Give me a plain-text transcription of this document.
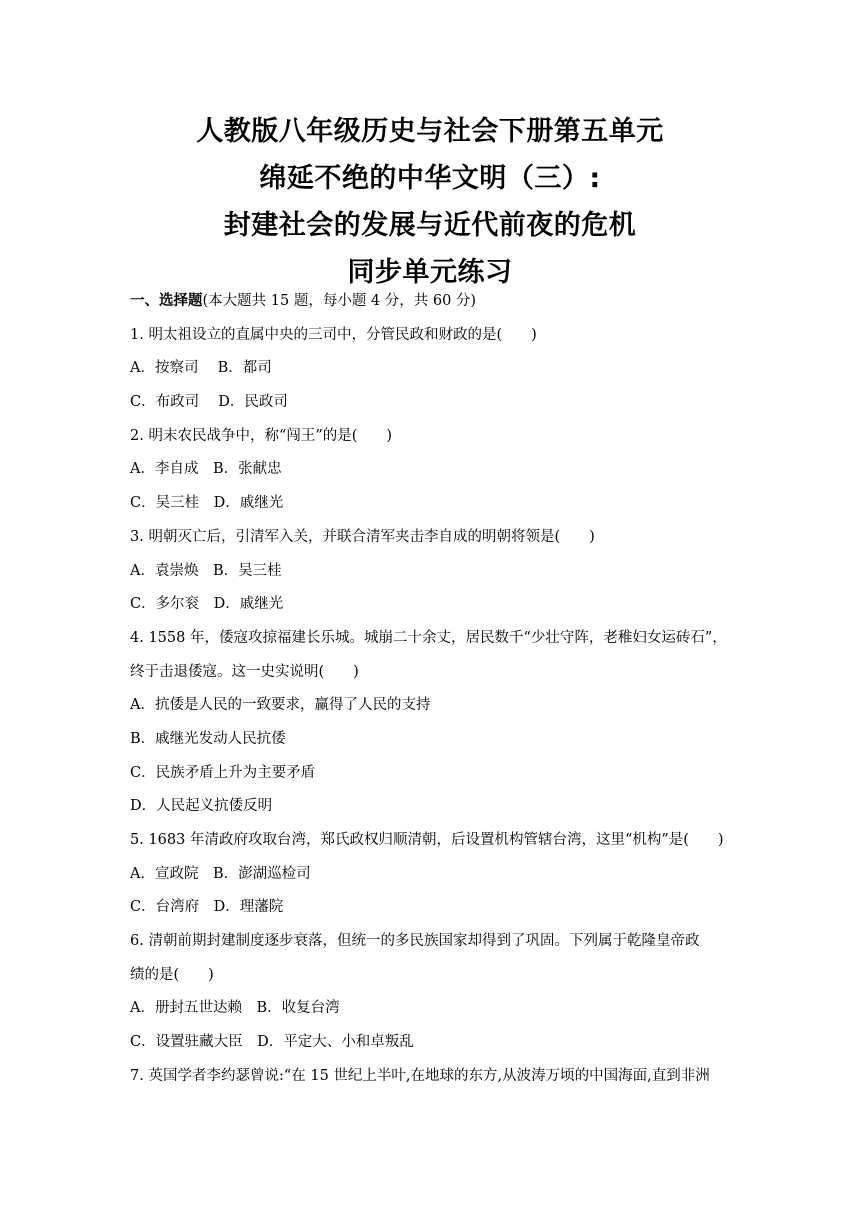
人教版八年级历史与社会下册第五单元
绵延不绝的中华文明（三）:
封建社会的发展与近代前夜的危机
同步单元练习
一、选择题(本大题共 15 题，每小题 4 分，共 60 分)
1. 明太祖设立的直属中央的三司中，分管民政和财政的是(　　)
A．按察司　 B．都司
C．布政司　 D．民政司
2. 明末农民战争中，称“闯王”的是(　　)
A．李自成　B．张献忠
C．吴三桂　D．戚继光
3. 明朝灭亡后，引清军入关，并联合清军夹击李自成的明朝将领是(　　)
A．袁崇焕　B．吴三桂
C．多尔衮　D．戚继光
4. 1558 年，倭寇攻掠福建长乐城。城崩二十余丈，居民数千“少壮守阵，老稚妇女运砖石”，
终于击退倭寇。这一史实说明(　　)
A．抗倭是人民的一致要求，赢得了人民的支持
B．戚继光发动人民抗倭
C．民族矛盾上升为主要矛盾
D．人民起义抗倭反明
5. 1683 年清政府攻取台湾，郑氏政权归顺清朝，后设置机构管辖台湾，这里“机构”是(　　)
A．宣政院　B．澎湖巡检司
C．台湾府　D．理藩院
6. 清朝前期封建制度逐步衰落，但统一的多民族国家却得到了巩固。下列属于乾隆皇帝政
绩的是(　　)
A．册封五世达赖　B．收复台湾
C．设置驻藏大臣　D．平定大、小和卓叛乱
7. 英国学者李约瑟曾说:“在 15 世纪上半叶,在地球的东方,从波涛万顷的中国海面,直到非洲
